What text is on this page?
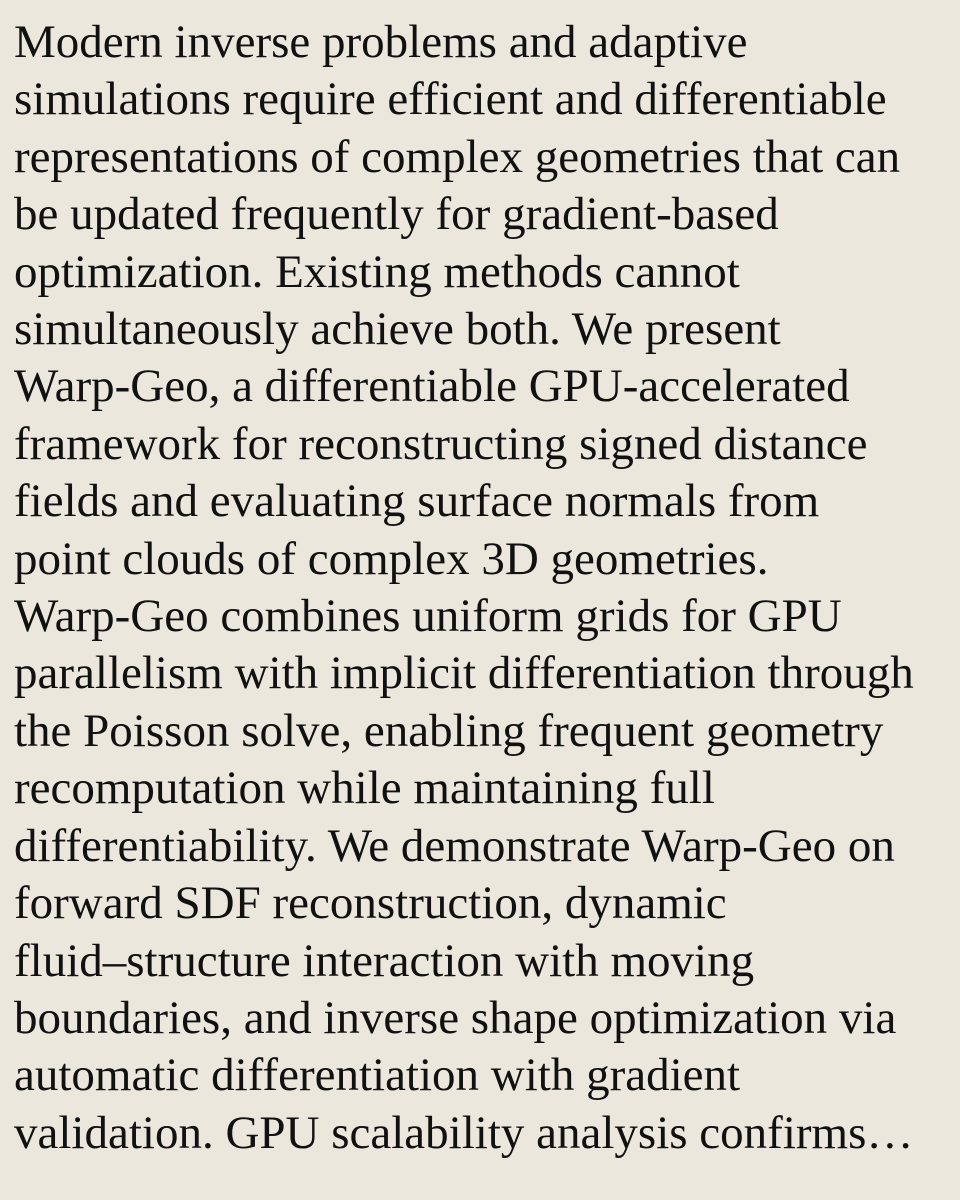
Modern inverse problems and adaptive
simulations require efficient and differentiable
representations of complex geometries that can
be updated frequently for gradient-based
optimization. Existing methods cannot
simultaneously achieve both. We present
Warp-Geo, a differentiable GPU-accelerated
framework for reconstructing signed distance
fields and evaluating surface normals from
point clouds of complex 3D geometries.
Warp-Geo combines uniform grids for GPU
parallelism with implicit differentiation through
the Poisson solve, enabling frequent geometry
recomputation while maintaining full
differentiability. We demonstrate Warp-Geo on
forward SDF reconstruction, dynamic
fluid–structure interaction with moving
boundaries, and inverse shape optimization via
automatic differentiation with gradient
validation. GPU scalability analysis confirms…
